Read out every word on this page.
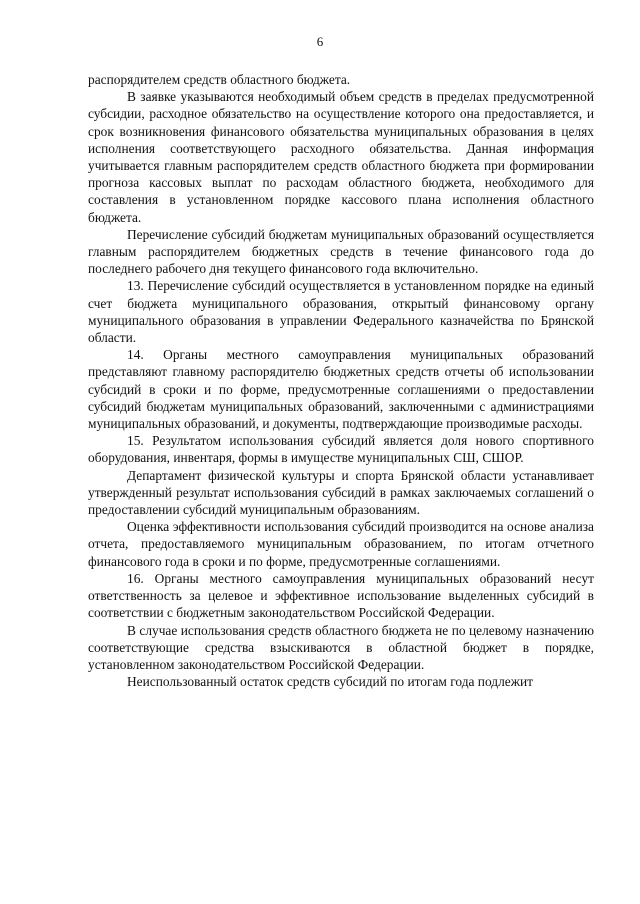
6

распорядителем средств областного бюджета.

В заявке указываются необходимый объем средств в пределах предусмотренной субсидии, расходное обязательство на осуществление которого она предоставляется, и срок возникновения финансового обязательства муниципальных образования в целях исполнения соответствующего расходного обязательства. Данная информация учитывается главным распорядителем средств областного бюджета при формировании прогноза кассовых выплат по расходам областного бюджета, необходимого для составления в установленном порядке кассового плана исполнения областного бюджета.

Перечисление субсидий бюджетам муниципальных образований осуществляется главным распорядителем бюджетных средств в течение финансового года до последнего рабочего дня текущего финансового года включительно.

13. Перечисление субсидий осуществляется в установленном порядке на единый счет бюджета муниципального образования, открытый финансовому органу муниципального образования в управлении Федерального казначейства по Брянской области.

14. Органы местного самоуправления муниципальных образований представляют главному распорядителю бюджетных средств отчеты об использовании субсидий в сроки и по форме, предусмотренные соглашениями о предоставлении субсидий бюджетам муниципальных образований, заключенными с администрациями муниципальных образований, и документы, подтверждающие производимые расходы.

15. Результатом использования субсидий является доля нового спортивного оборудования, инвентаря, формы в имуществе муниципальных СШ, СШОР.

Департамент физической культуры и спорта Брянской области устанавливает утвержденный результат использования субсидий в рамках заключаемых соглашений о предоставлении субсидий муниципальным образованиям.

Оценка эффективности использования субсидий производится на основе анализа отчета, предоставляемого муниципальным образованием, по итогам отчетного финансового года в сроки и по форме, предусмотренные соглашениями.

16. Органы местного самоуправления муниципальных образований несут ответственность за целевое и эффективное использование выделенных субсидий в соответствии с бюджетным законодательством Российской Федерации.

В случае использования средств областного бюджета не по целевому назначению соответствующие средства взыскиваются в областной бюджет в порядке, установленном законодательством Российской Федерации.

Неиспользованный остаток средств субсидий по итогам года подлежит
